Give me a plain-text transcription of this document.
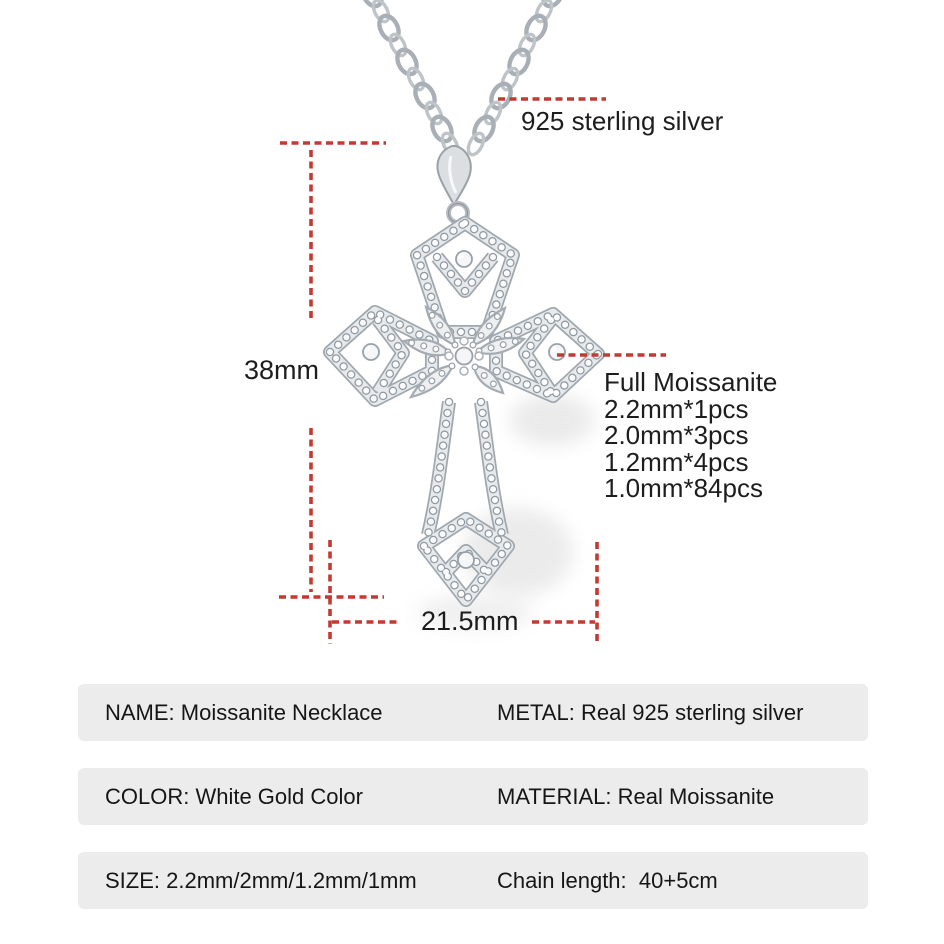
925 sterling silver
38mm
21.5mm
Full Moissanite
2.2mm*1pcs
2.0mm*3pcs
1.2mm*4pcs
1.0mm*84pcs
NAME: Moissanite Necklace	METAL: Real 925 sterling silver
COLOR: White Gold Color	MATERIAL: Real Moissanite
SIZE: 2.2mm/2mm/1.2mm/1mm	Chain length:  40+5cm
